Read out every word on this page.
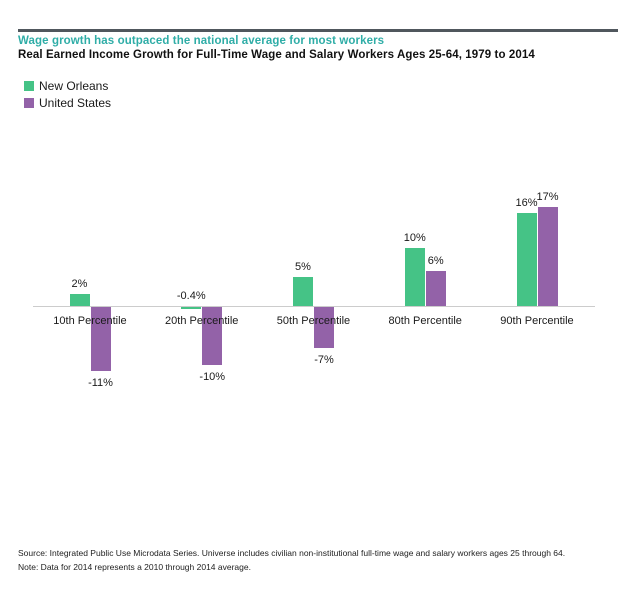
Wage growth has outpaced the national average for most workers
Real Earned Income Growth for Full-Time Wage and Salary Workers Ages 25-64, 1979 to 2014
New Orleans
United States
2%
-11%
10th Percentile
-0.4%
-10%
20th Percentile
5%
-7%
50th Percentile
10%
6%
80th Percentile
16%
17%
90th Percentile
Source: Integrated Public Use Microdata Series. Universe includes civilian non-institutional full-time wage and salary workers ages 25 through 64.
Note: Data for 2014 represents a 2010 through 2014 average.
